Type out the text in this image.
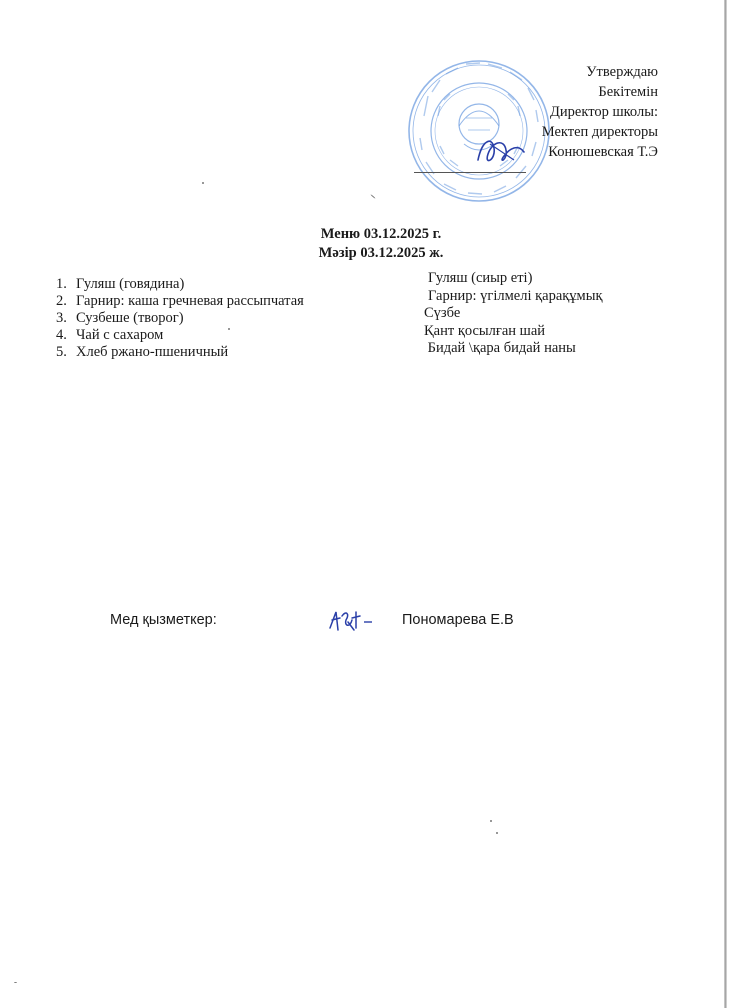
Утверждаю
Бекітемін
Директор школы:
Мектеп директоры
Конюшевская Т.Э
Меню 03.12.2025 г.
Мәзір 03.12.2025 ж.
1. Гуляш (говядина)
2. Гарнир: каша гречневая рассыпчатая
3. Сузбеше (творог)
4. Чай с сахаром
5. Хлеб ржано-пшеничный
Гуляш (сиыр еті)
Гарнир: үгілмелі қарақұмық
Сүзбе
Қант қосылған шай
Бидай \қара бидай наны
Мед қызметкер:	Пономарева Е.В
